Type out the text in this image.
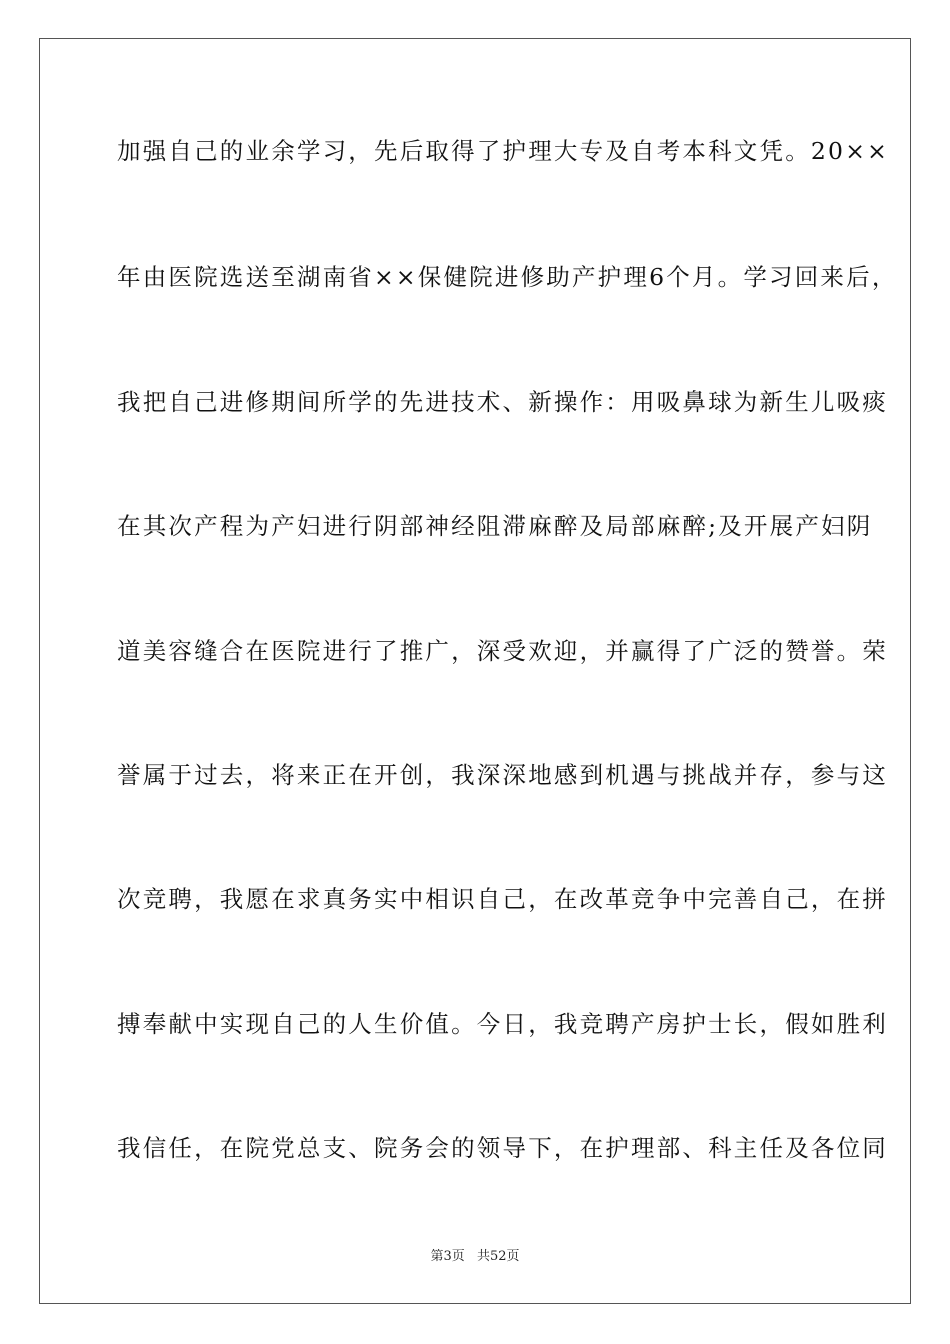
加强自己的业余学习，先后取得了护理大专及自考本科文凭。20××
年由医院选送至湖南省××保健院进修助产护理6个月。学习回来后，
我把自己进修期间所学的先进技术、新操作：用吸鼻球为新生儿吸痰
在其次产程为产妇进行阴部神经阻滞麻醉及局部麻醉;及开展产妇阴
道美容缝合在医院进行了推广，深受欢迎，并赢得了广泛的赞誉。荣
誉属于过去，将来正在开创，我深深地感到机遇与挑战并存，参与这
次竞聘，我愿在求真务实中相识自己，在改革竞争中完善自己，在拼
搏奉献中实现自己的人生价值。今日，我竞聘产房护士长，假如胜利
我信任，在院党总支、院务会的领导下，在护理部、科主任及各位同
第3页 共52页
